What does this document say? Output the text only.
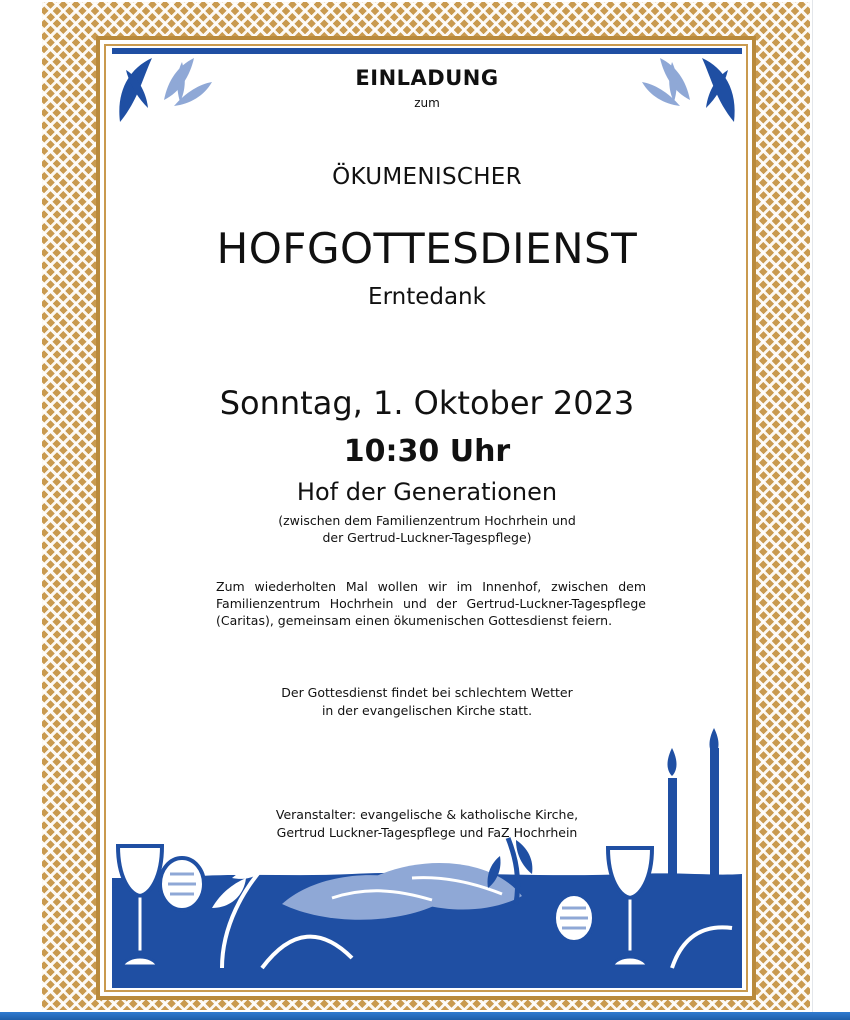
EINLADUNG
zum
ÖKUMENISCHER
HOFGOTTESDIENST
Erntedank
Sonntag, 1. Oktober 2023
10:30 Uhr
Hof der Generationen
(zwischen dem Familienzentrum Hochrhein und
der Gertrud-Luckner-Tagespflege)
Zum wiederholten Mal wollen wir im Innenhof, zwischen dem Familienzentrum Hochrhein und der Gertrud-Luckner-Tagespflege (Caritas), gemeinsam einen ökumenischen Gottesdienst feiern.
Der Gottesdienst findet bei schlechtem Wetter
in der evangelischen Kirche statt.
Veranstalter: evangelische & katholische Kirche,
Gertrud Luckner-Tagespflege und FaZ Hochrhein
